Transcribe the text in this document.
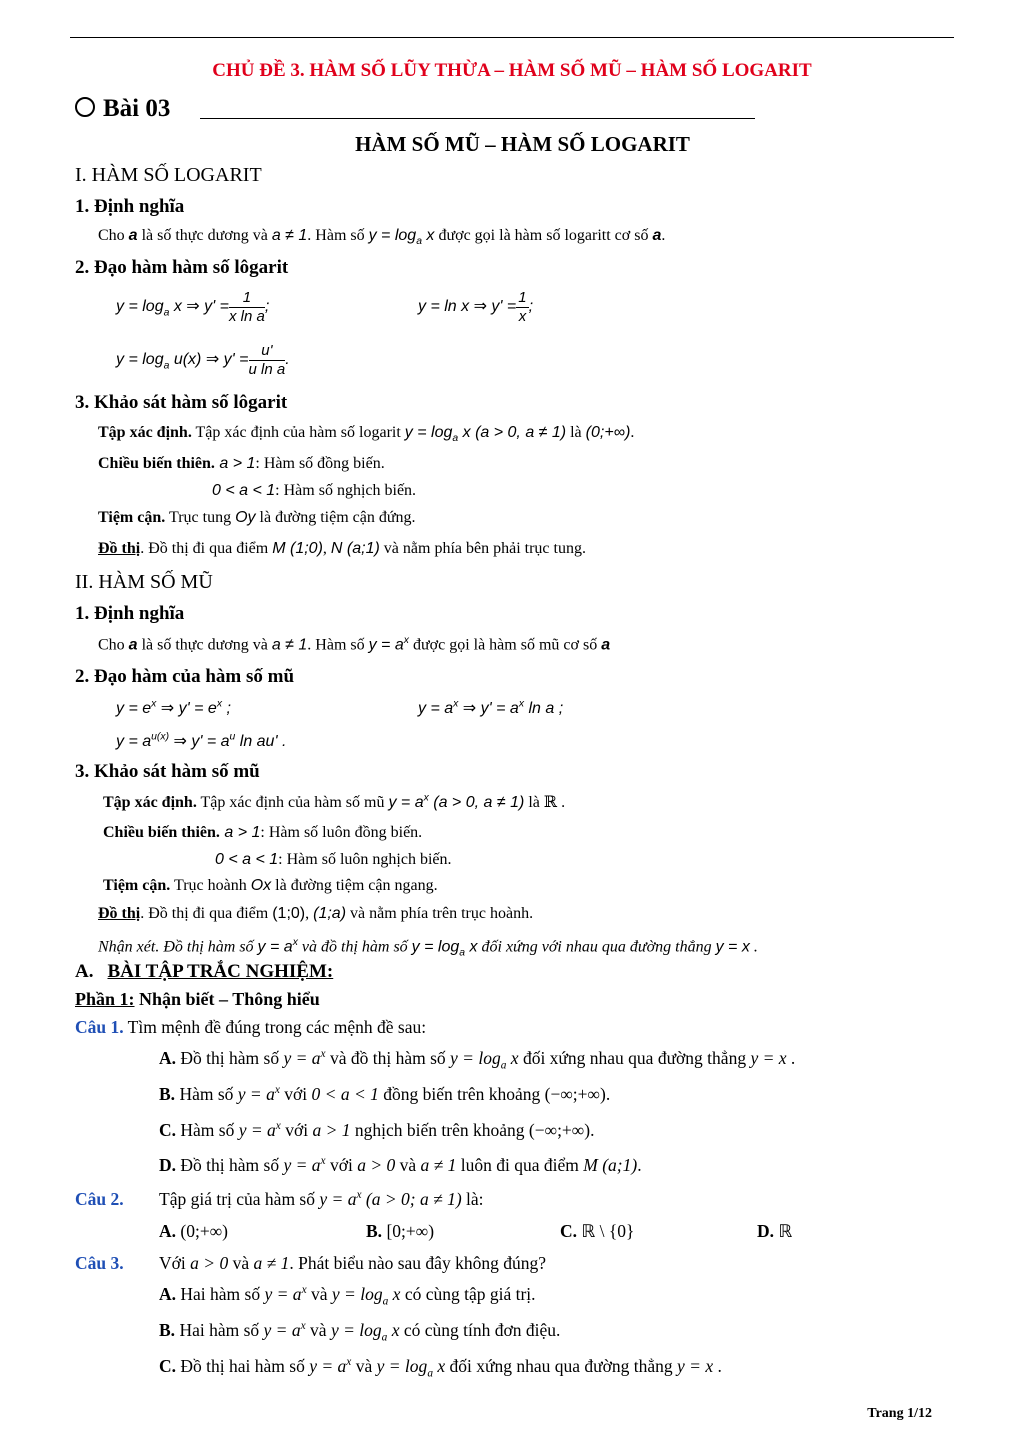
CHỦ ĐỀ 3. HÀM SỐ LŨY THỪA – HÀM SỐ MŨ – HÀM SỐ LOGARIT
Bài 03
HÀM SỐ MŨ – HÀM SỐ LOGARIT
I. HÀM SỐ LOGARIT
1. Định nghĩa
Cho a là số thực dương và a ≠ 1. Hàm số $y = \log_a x$ được gọi là hàm số logaritt cơ số a.
2. Đạo hàm hàm số lôgarit
$y = \log_a x$ ⇒ $y' = \frac{1}{\text{x ln a}}$ ;	y = ln x ⇒ $y' = \frac{1}{x}$ ;
$y = \log_a u(x)$ ⇒ $y' = \frac{u'}{\text{u ln a}}$ .
3. Khảo sát hàm số lôgarit
Tập xác định. Tập xác định của hàm số logarit $y = \log_a x$ (a > 0, a ≠ 1) là (0;+∞).
Chiều biến thiên. a > 1: Hàm số đồng biến.
0 < a < 1: Hàm số nghịch biến.
Tiệm cận. Trục tung Oy là đường tiệm cận đứng.
Đồ thị. Đồ thị đi qua điểm M (1;0), N (a;1) và nằm phía bên phải trục tung.
II. HÀM SỐ MŨ
1. Định nghĩa
Cho a là số thực dương và a ≠ 1. Hàm số $y = a^x$ được gọi là hàm số mũ cơ số a
2. Đạo hàm của hàm số mũ
$y = e^x$ ⇒ $y' = e^x$ ;	$y = a^x$ ⇒ $y' = a^x$ ln a ;
$y = a^{u(x)}$ ⇒ $y' = a^u$ ln au' .
3. Khảo sát hàm số mũ
Tập xác định. Tập xác định của hàm số mũ $y = a^x$ (a > 0, a ≠ 1) là ℝ .
Chiều biến thiên. a > 1: Hàm số luôn đồng biến.
0 < a < 1: Hàm số luôn nghịch biến.
Tiệm cận. Trục hoành Ox là đường tiệm cận ngang.
Đồ thị. Đồ thị đi qua điểm (1;0), (1;a) và nằm phía trên trục hoành.
Nhận xét. Đồ thị hàm số $y = a^x$ và đồ thị hàm số $y = \log_a x$ đối xứng với nhau qua đường thẳng y = x .
A. BÀI TẬP TRẮC NGHIỆM:
Phần 1: Nhận biết – Thông hiểu
Câu 1. Tìm mệnh đề đúng trong các mệnh đề sau:
A. Đồ thị hàm số $y = a^x$ và đồ thị hàm số $y = \log_a x$ đối xứng nhau qua đường thẳng y = x .
B. Hàm số $y = a^x$ với 0 < a < 1 đồng biến trên khoảng (−∞;+∞).
C. Hàm số $y = a^x$ với a > 1 nghịch biến trên khoảng (−∞;+∞).
D. Đồ thị hàm số $y = a^x$ với a > 0 và a ≠ 1 luôn đi qua điểm M (a;1).
Câu 2. Tập giá trị của hàm số $y = a^x$ (a > 0; a ≠ 1) là:
A. (0;+∞)	B. [0;+∞)	C. ℝ \ {0}	D. ℝ
Câu 3. Với a > 0 và a ≠ 1. Phát biểu nào sau đây không đúng?
A. Hai hàm số $y = a^x$ và $y = \log_a x$ có cùng tập giá trị.
B. Hai hàm số $y = a^x$ và $y = \log_a x$ có cùng tính đơn điệu.
C. Đồ thị hai hàm số $y = a^x$ và $y = \log_a x$ đối xứng nhau qua đường thẳng y = x .
Trang 1/12
